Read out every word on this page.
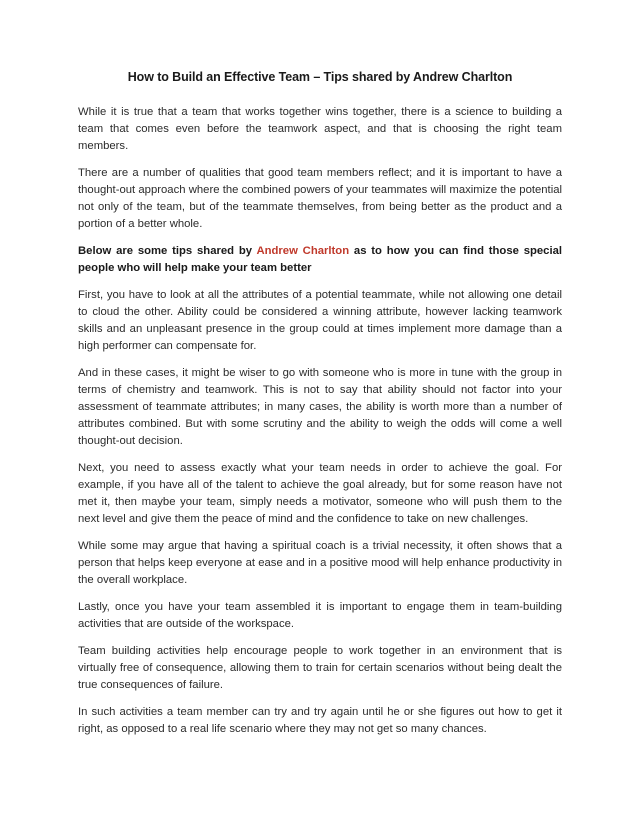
How to Build an Effective Team – Tips shared by Andrew Charlton

While it is true that a team that works together wins together, there is a science to building a team that comes even before the teamwork aspect, and that is choosing the right team members.

There are a number of qualities that good team members reflect; and it is important to have a thought-out approach where the combined powers of your teammates will maximize the potential not only of the team, but of the teammate themselves, from being better as the product and a portion of a better whole.

Below are some tips shared by Andrew Charlton as to how you can find those special people who will help make your team better

First, you have to look at all the attributes of a potential teammate, while not allowing one detail to cloud the other. Ability could be considered a winning attribute, however lacking teamwork skills and an unpleasant presence in the group could at times implement more damage than a high performer can compensate for.

And in these cases, it might be wiser to go with someone who is more in tune with the group in terms of chemistry and teamwork. This is not to say that ability should not factor into your assessment of teammate attributes; in many cases, the ability is worth more than a number of attributes combined. But with some scrutiny and the ability to weigh the odds will come a well thought-out decision.

Next, you need to assess exactly what your team needs in order to achieve the goal. For example, if you have all of the talent to achieve the goal already, but for some reason have not met it, then maybe your team, simply needs a motivator, someone who will push them to the next level and give them the peace of mind and the confidence to take on new challenges.

While some may argue that having a spiritual coach is a trivial necessity, it often shows that a person that helps keep everyone at ease and in a positive mood will help enhance productivity in the overall workplace.

Lastly, once you have your team assembled it is important to engage them in team-building activities that are outside of the workspace.

Team building activities help encourage people to work together in an environment that is virtually free of consequence, allowing them to train for certain scenarios without being dealt the true consequences of failure.

In such activities a team member can try and try again until he or she figures out how to get it right, as opposed to a real life scenario where they may not get so many chances.
